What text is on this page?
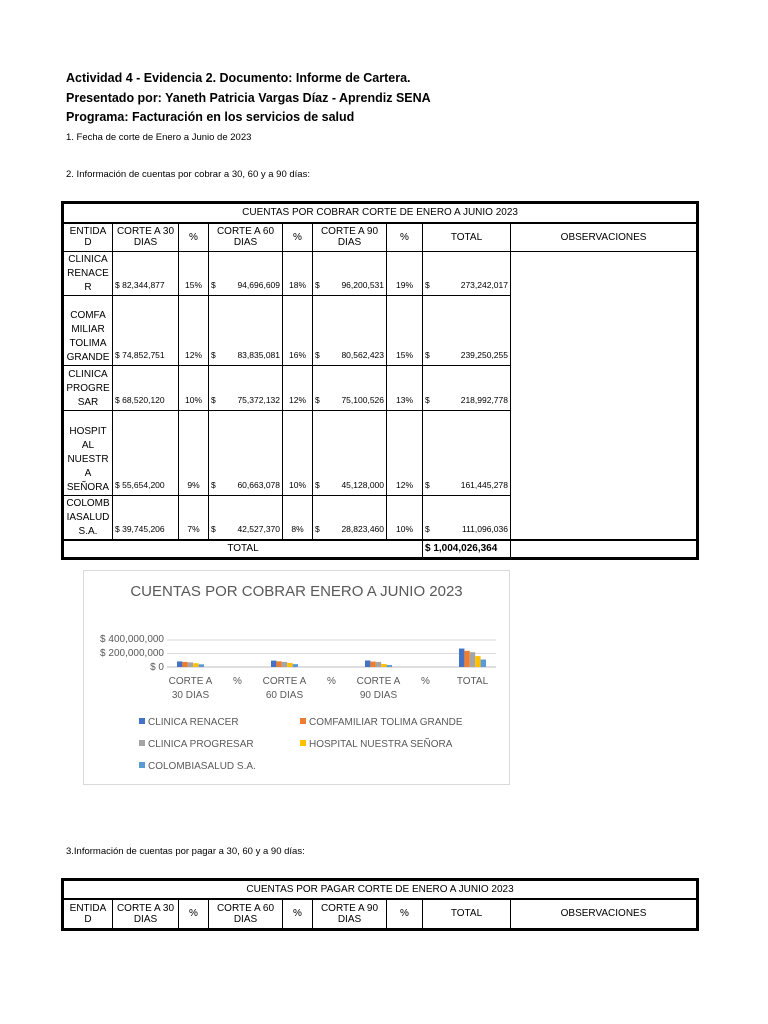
Actividad 4 - Evidencia 2. Documento: Informe de Cartera.
Presentado por: Yaneth Patricia Vargas Díaz - Aprendiz SENA
Programa: Facturación en los servicios de salud
1. Fecha de corte de Enero a Junio de 2023
2. Información de cuentas por cobrar a 30, 60 y a 90 días:
CUENTAS POR COBRAR CORTE DE ENERO A JUNIO 2023								
ENTIDA D	CORTE A 30 DIAS	%	CORTE A 60 DIAS	%	CORTE A 90 DIAS	%	TOTAL	OBSERVACIONES
CLINICA RENACE R	$ 82,344,877	15%	$ 94,696,609	18%	$ 96,200,531	19%	$ 273,242,017	

COMFA MILIAR TOLIMA GRANDE	$ 74,852,751	12%	$ 83,835,081	16%	$ 80,562,423	15%	$ 239,250,255	

CLINICA PROGRE SAR	$ 68,520,120	10%	$ 75,372,132	12%	$ 75,100,526	13%	$ 218,992,778	

HOSPIT AL NUESTR A SEÑORA	$ 55,654,200	9%	$ 60,663,078	10%	$ 45,128,000	12%	$ 161,445,278	

COLOMB IASALUD S.A.	$ 39,745,206	7%	$ 42,527,370	8%	$ 28,823,460	10%	$ 111,096,036	

TOTAL							$ 1,004,026,364	
CUENTAS POR COBRAR ENERO A JUNIO 2023
$ 400,000,000
$ 200,000,000
$ 0
CORTE A
30 DIAS
%	CORTE A
60 DIAS
%	CORTE A
90 DIAS
%	TOTAL
CLINICA RENACER	COMFAMILIAR TOLIMA GRANDE
CLINICA PROGRESAR	HOSPITAL NUESTRA SEÑORA
COLOMBIASALUD S.A.
3.Información de cuentas por pagar a 30, 60 y a 90 días:
CUENTAS POR PAGAR CORTE DE ENERO A JUNIO 2023
ENTIDA D	CORTE A 30 DIAS	%	CORTE A 60 DIAS	%	CORTE A 90 DIAS	%	TOTAL	OBSERVACIONES
